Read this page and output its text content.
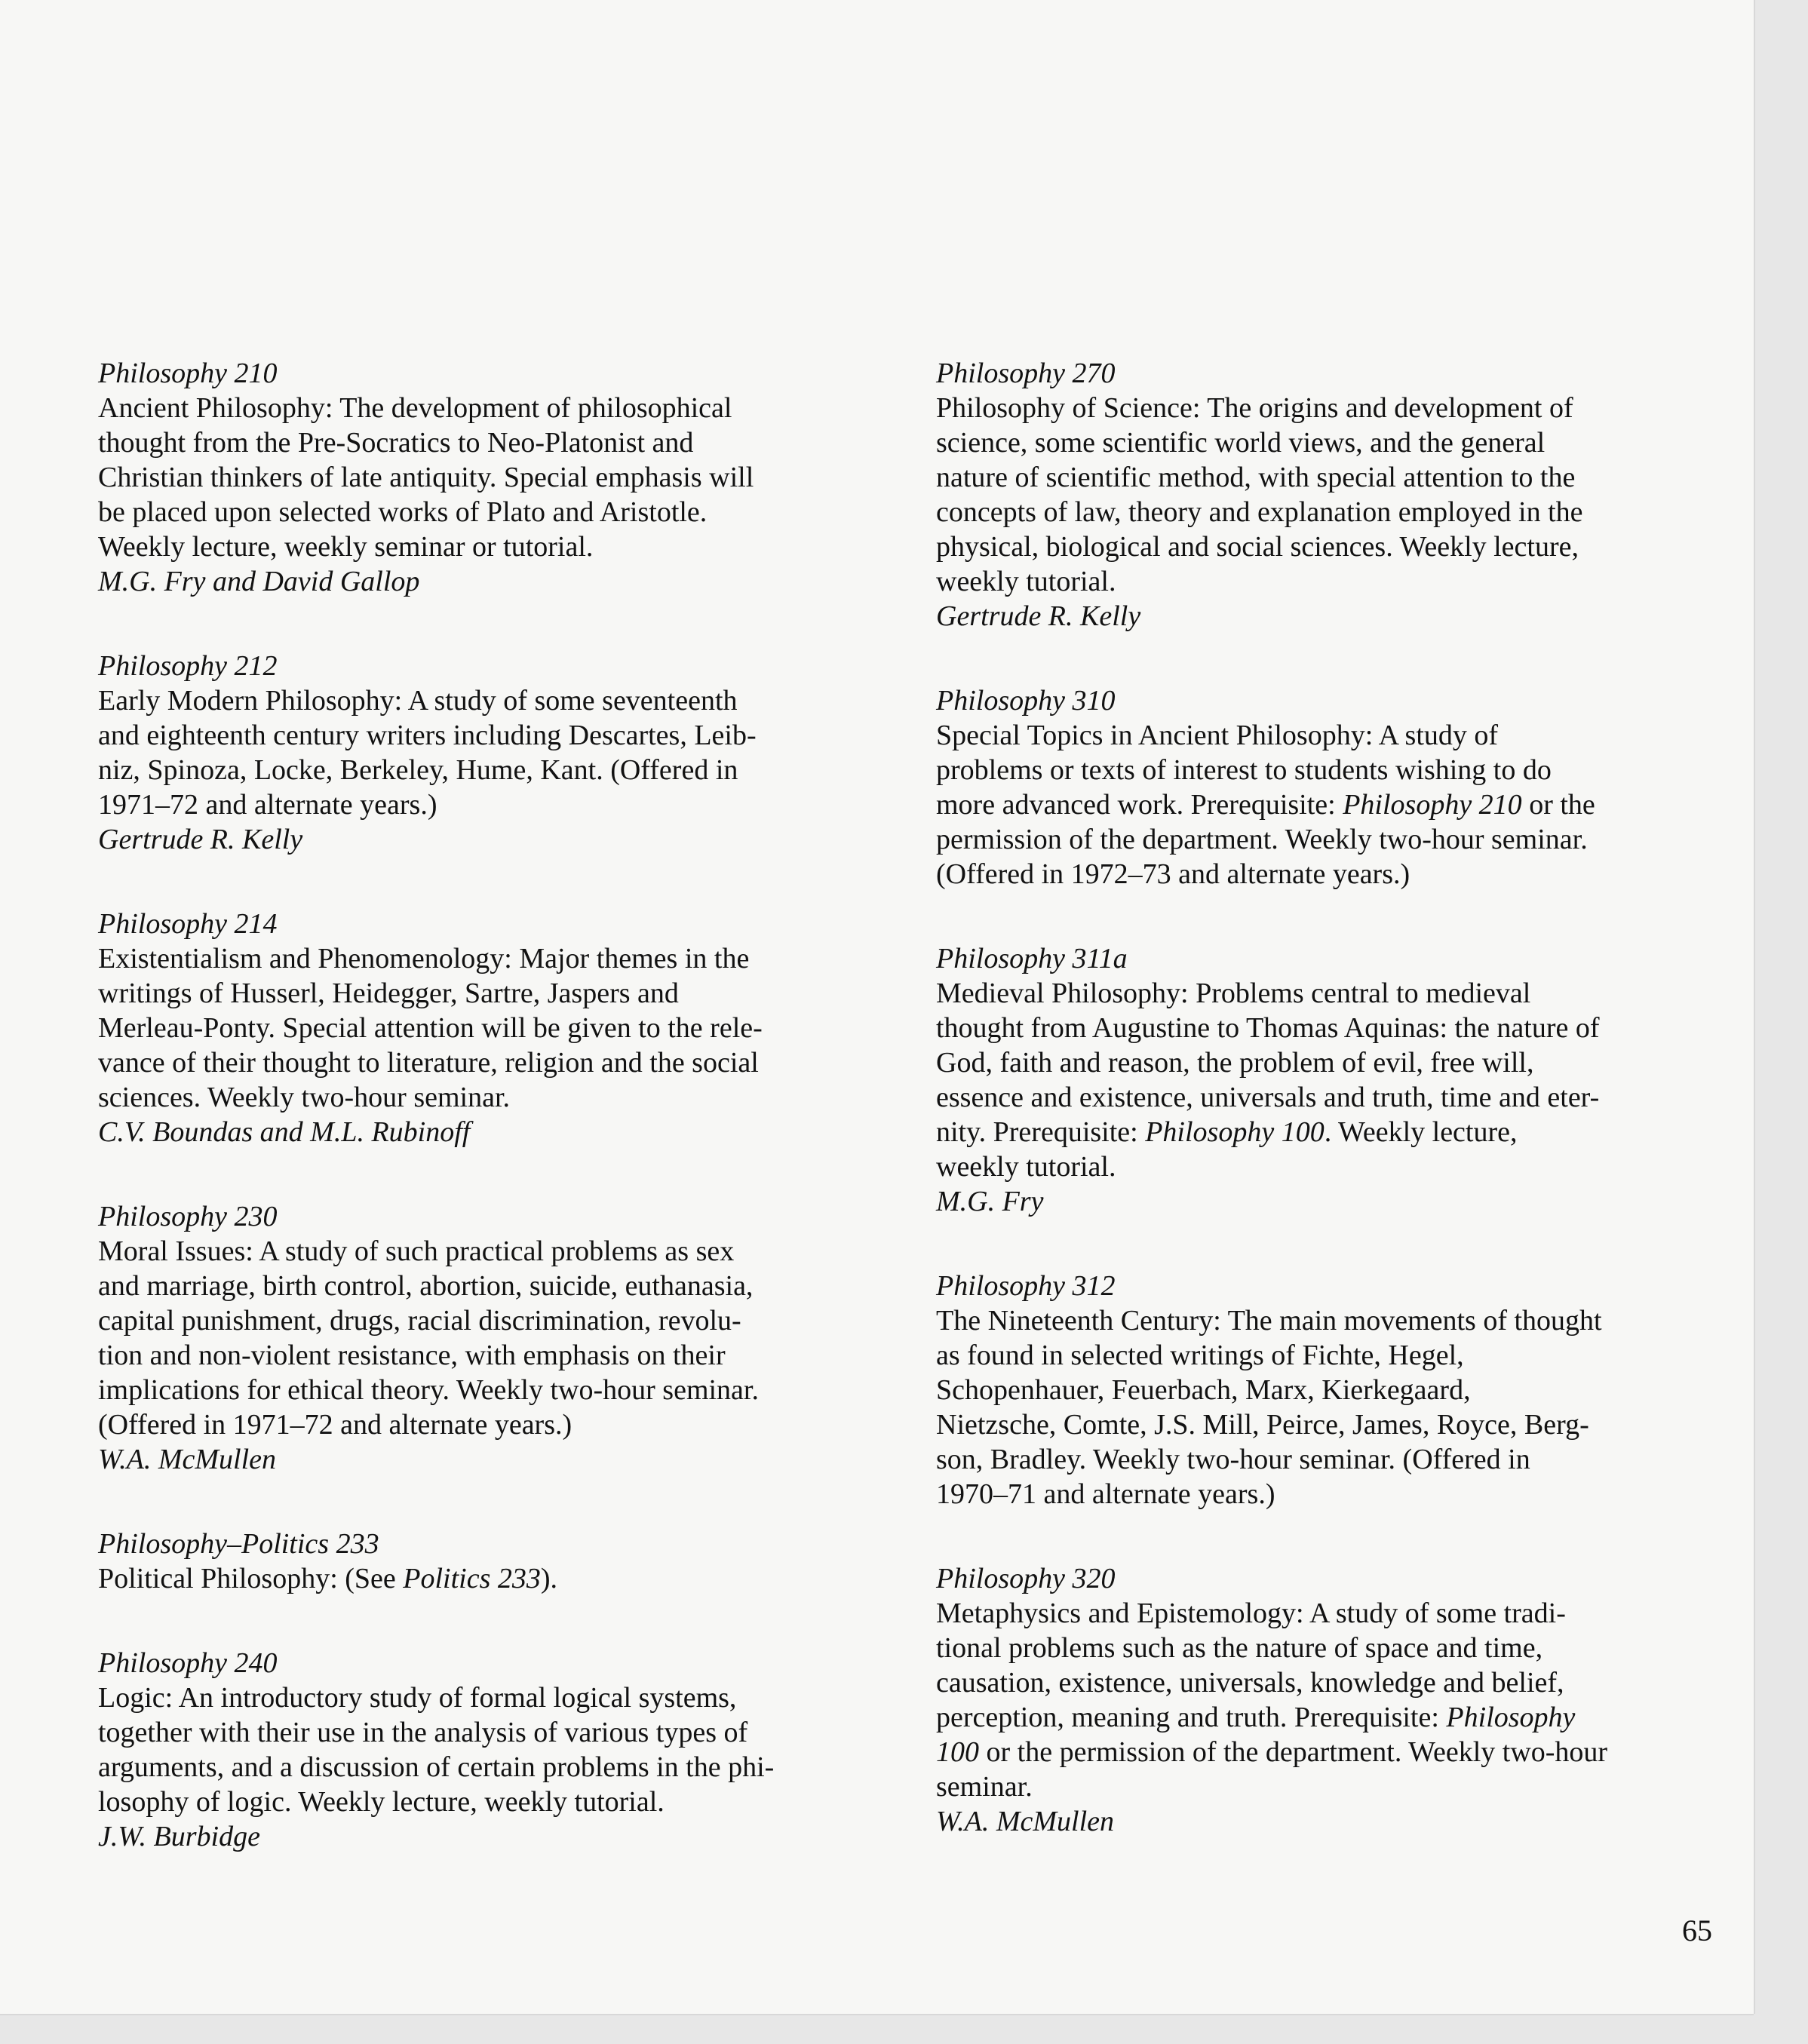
Philosophy 210
Ancient Philosophy: The development of philosophical
thought from the Pre-Socratics to Neo-Platonist and
Christian thinkers of late antiquity. Special emphasis will
be placed upon selected works of Plato and Aristotle.
Weekly lecture, weekly seminar or tutorial.
M.G. Fry and David Gallop
Philosophy 212
Early Modern Philosophy: A study of some seventeenth
and eighteenth century writers including Descartes, Leib-
niz, Spinoza, Locke, Berkeley, Hume, Kant. (Offered in
1971–72 and alternate years.)
Gertrude R. Kelly
Philosophy 214
Existentialism and Phenomenology: Major themes in the
writings of Husserl, Heidegger, Sartre, Jaspers and
Merleau-Ponty. Special attention will be given to the rele-
vance of their thought to literature, religion and the social
sciences. Weekly two-hour seminar.
C.V. Boundas and M.L. Rubinoff
Philosophy 230
Moral Issues: A study of such practical problems as sex
and marriage, birth control, abortion, suicide, euthanasia,
capital punishment, drugs, racial discrimination, revolu-
tion and non-violent resistance, with emphasis on their
implications for ethical theory. Weekly two-hour seminar.
(Offered in 1971–72 and alternate years.)
W.A. McMullen
Philosophy–Politics 233
Political Philosophy: (See Politics 233).
Philosophy 240
Logic: An introductory study of formal logical systems,
together with their use in the analysis of various types of
arguments, and a discussion of certain problems in the phi-
losophy of logic. Weekly lecture, weekly tutorial.
J.W. Burbidge
Philosophy 270
Philosophy of Science: The origins and development of
science, some scientific world views, and the general
nature of scientific method, with special attention to the
concepts of law, theory and explanation employed in the
physical, biological and social sciences. Weekly lecture,
weekly tutorial.
Gertrude R. Kelly
Philosophy 310
Special Topics in Ancient Philosophy: A study of
problems or texts of interest to students wishing to do
more advanced work. Prerequisite: Philosophy 210 or the
permission of the department. Weekly two-hour seminar.
(Offered in 1972–73 and alternate years.)
Philosophy 311a
Medieval Philosophy: Problems central to medieval
thought from Augustine to Thomas Aquinas: the nature of
God, faith and reason, the problem of evil, free will,
essence and existence, universals and truth, time and eter-
nity. Prerequisite: Philosophy 100. Weekly lecture,
weekly tutorial.
M.G. Fry
Philosophy 312
The Nineteenth Century: The main movements of thought
as found in selected writings of Fichte, Hegel,
Schopenhauer, Feuerbach, Marx, Kierkegaard,
Nietzsche, Comte, J.S. Mill, Peirce, James, Royce, Berg-
son, Bradley. Weekly two-hour seminar. (Offered in
1970–71 and alternate years.)
Philosophy 320
Metaphysics and Epistemology: A study of some tradi-
tional problems such as the nature of space and time,
causation, existence, universals, knowledge and belief,
perception, meaning and truth. Prerequisite: Philosophy
100 or the permission of the department. Weekly two-hour
seminar.
W.A. McMullen
65
